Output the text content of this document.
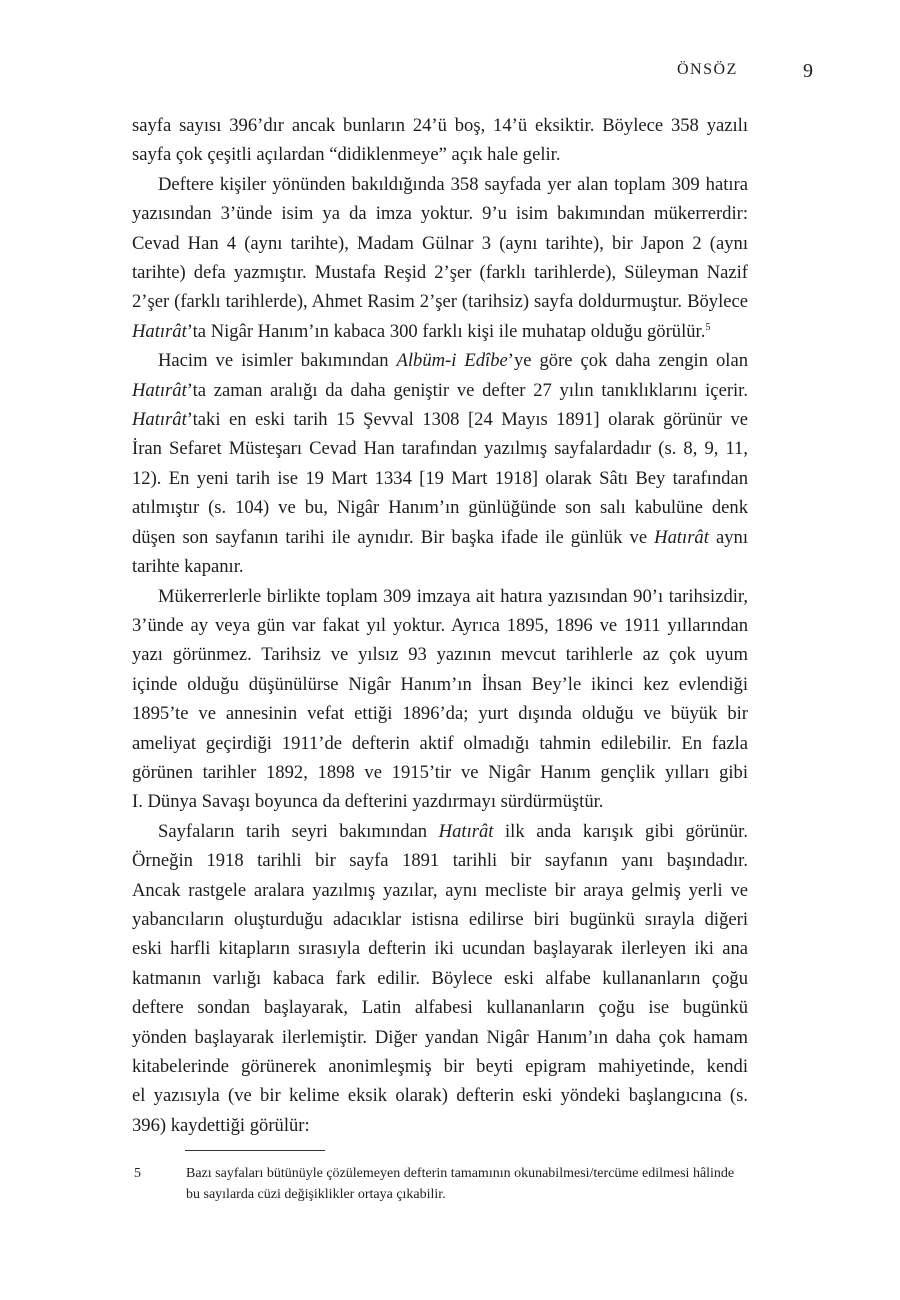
ÖNSÖZ	9

sayfa sayısı 396’dır ancak bunların 24’ü boş, 14’ü eksiktir. Böylece 358 yazılı
sayfa çok çeşitli açılardan “didiklenmeye” açık hale gelir.

Deftere kişiler yönünden bakıldığında 358 sayfada yer alan toplam 309 hatıra
yazısından 3’ünde isim ya da imza yoktur. 9’u isim bakımından mükerrerdir:
Cevad Han 4 (aynı tarihte), Madam Gülnar 3 (aynı tarihte), bir Japon 2 (aynı
tarihte) defa yazmıştır. Mustafa Reşid 2’şer (farklı tarihlerde), Süleyman Nazif
2’şer (farklı tarihlerde), Ahmet Rasim 2’şer (tarihsiz) sayfa doldurmuştur. Böylece
Hatırât’ta Nigâr Hanım’ın kabaca 300 farklı kişi ile muhatap olduğu görülür.$^5$

Hacim ve isimler bakımından Albüm-i Edîbe’ye göre çok daha zengin olan
Hatırât’ta zaman aralığı da daha geniştir ve defter 27 yılın tanıklıklarını içerir.
Hatırât’taki en eski tarih 15 Şevval 1308 [24 Mayıs 1891] olarak görünür ve
İran Sefaret Müsteşarı Cevad Han tarafından yazılmış sayfalardadır (s. 8, 9, 11,
12). En yeni tarih ise 19 Mart 1334 [19 Mart 1918] olarak Sâtı Bey tarafından
atılmıştır (s. 104) ve bu, Nigâr Hanım’ın günlüğünde son salı kabulüne denk
düşen son sayfanın tarihi ile aynıdır. Bir başka ifade ile günlük ve Hatırât aynı
tarihte kapanır.

Mükerrerlerle birlikte toplam 309 imzaya ait hatıra yazısından 90’ı tarihsizdir,
3’ünde ay veya gün var fakat yıl yoktur. Ayrıca 1895, 1896 ve 1911 yıllarından
yazı görünmez. Tarihsiz ve yılsız 93 yazının mevcut tarihlerle az çok uyum
içinde olduğu düşünülürse Nigâr Hanım’ın İhsan Bey’le ikinci kez evlendiği
1895’te ve annesinin vefat ettiği 1896’da; yurt dışında olduğu ve büyük bir
ameliyat geçirdiği 1911’de defterin aktif olmadığı tahmin edilebilir. En fazla
görünen tarihler 1892, 1898 ve 1915’tir ve Nigâr Hanım gençlik yılları gibi
I. Dünya Savaşı boyunca da defterini yazdırmayı sürdürmüştür.

Sayfaların tarih seyri bakımından Hatırât ilk anda karışık gibi görünür.
Örneğin 1918 tarihli bir sayfa 1891 tarihli bir sayfanın yanı başındadır.
Ancak rastgele aralara yazılmış yazılar, aynı mecliste bir araya gelmiş yerli ve
yabancıların oluşturduğu adacıklar istisna edilirse biri bugünkü sırayla diğeri
eski harfli kitapların sırasıyla defterin iki ucundan başlayarak ilerleyen iki ana
katmanın varlığı kabaca fark edilir. Böylece eski alfabe kullananların çoğu
deftere sondan başlayarak, Latin alfabesi kullananların çoğu ise bugünkü
yönden başlayarak ilerlemiştir. Diğer yandan Nigâr Hanım’ın daha çok hamam
kitabelerinde görünerek anonimleşmiş bir beyti epigram mahiyetinde, kendi
el yazısıyla (ve bir kelime eksik olarak) defterin eski yöndeki başlangıcına (s.
396) kaydettiği görülür:

5	Bazı sayfaları bütünüyle çözülemeyen defterin tamamının okunabilmesi/tercüme edilmesi hâlinde bu sayılarda cüzi değişiklikler ortaya çıkabilir.
